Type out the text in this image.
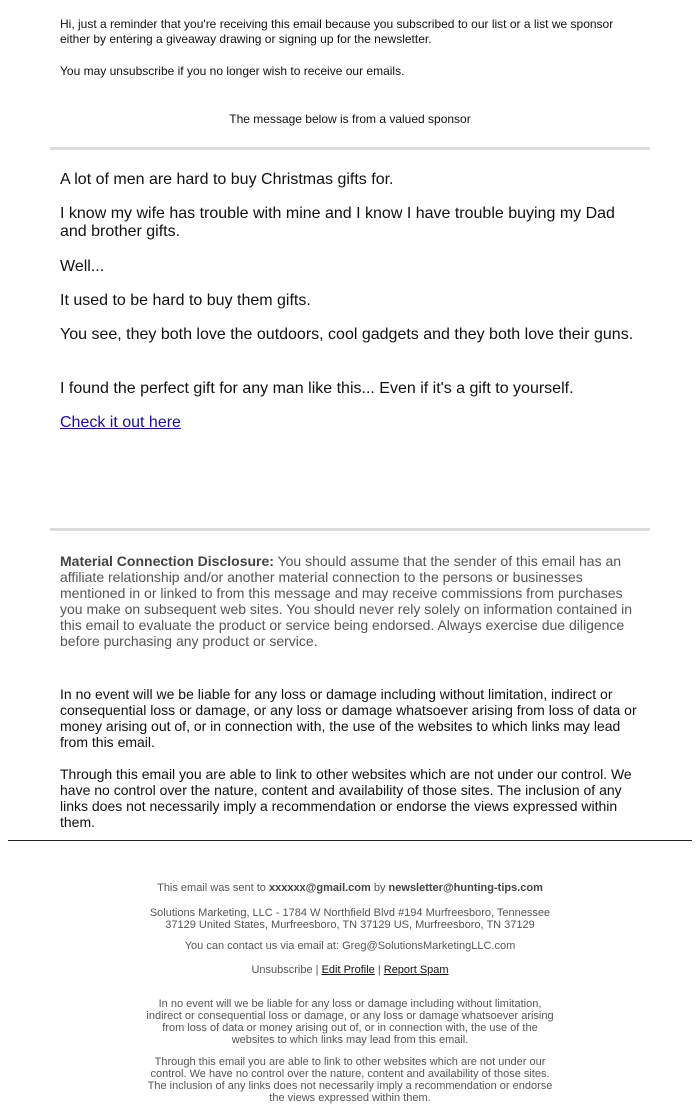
Hi, just a reminder that you're receiving this email because you subscribed to our list or a list we sponsor either by entering a giveaway drawing or signing up for the newsletter.

You may unsubscribe if you no longer wish to receive our emails.

The message below is from a valued sponsor

A lot of men are hard to buy Christmas gifts for.

I know my wife has trouble with mine and I know I have trouble buying my Dad and brother gifts.

Well...

It used to be hard to buy them gifts.

You see, they both love the outdoors, cool gadgets and they both love their guns.

I found the perfect gift for any man like this... Even if it's a gift to yourself.

Check it out here

Material Connection Disclosure: You should assume that the sender of this email has an affiliate relationship and/or another material connection to the persons or businesses mentioned in or linked to from this message and may receive commissions from purchases you make on subsequent web sites. You should never rely solely on information contained in this email to evaluate the product or service being endorsed. Always exercise due diligence before purchasing any product or service.

In no event will we be liable for any loss or damage including without limitation, indirect or consequential loss or damage, or any loss or damage whatsoever arising from loss of data or money arising out of, or in connection with, the use of the websites to which links may lead from this email.

Through this email you are able to link to other websites which are not under our control. We have no control over the nature, content and availability of those sites. The inclusion of any links does not necessarily imply a recommendation or endorse the views expressed within them.

This email was sent to xxxxxx@gmail.com by newsletter@hunting-tips.com

Solutions Marketing, LLC - 1784 W Northfield Blvd #194 Murfreesboro, Tennessee 37129 United States, Murfreesboro, TN 37129 US, Murfreesboro, TN 37129

You can contact us via email at: Greg@SolutionsMarketingLLC.com

Unsubscribe | Edit Profile | Report Spam

In no event will we be liable for any loss or damage including without limitation, indirect or consequential loss or damage, or any loss or damage whatsoever arising from loss of data or money arising out of, or in connection with, the use of the websites to which links may lead from this email.

Through this email you are able to link to other websites which are not under our control. We have no control over the nature, content and availability of those sites. The inclusion of any links does not necessarily imply a recommendation or endorse the views expressed within them.
